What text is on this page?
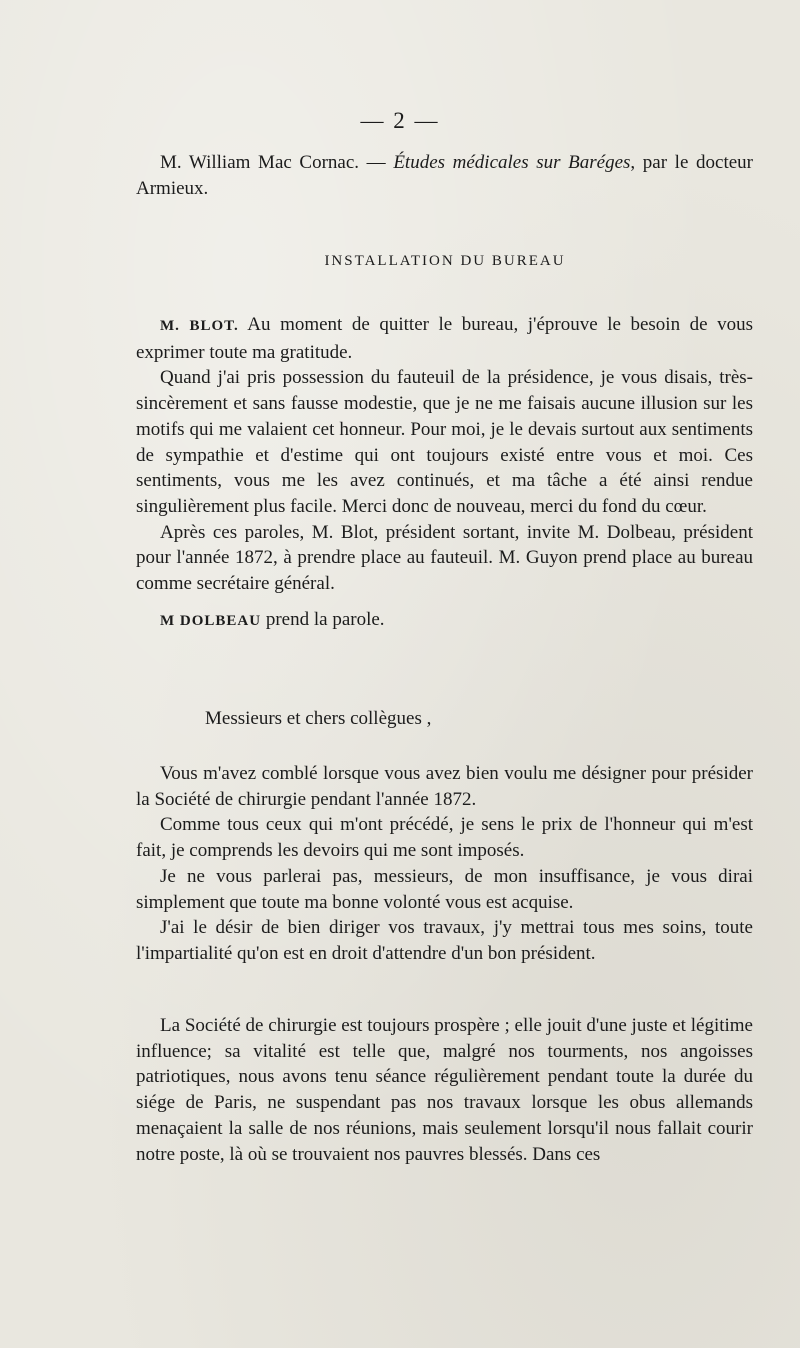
— 2 —

M. William Mac Cornac. — Études médicales sur Baréges, par le docteur Armieux.

INSTALLATION DU BUREAU

M. BLOT. Au moment de quitter le bureau, j'éprouve le besoin de vous exprimer toute ma gratitude.

Quand j'ai pris possession du fauteuil de la présidence, je vous disais, très-sincèrement et sans fausse modestie, que je ne me faisais aucune illusion sur les motifs qui me valaient cet honneur. Pour moi, je le devais surtout aux sentiments de sympathie et d'estime qui ont toujours existé entre vous et moi. Ces sentiments, vous me les avez continués, et ma tâche a été ainsi rendue singulièrement plus facile. Merci donc de nouveau, merci du fond du cœur.

Après ces paroles, M. Blot, président sortant, invite M. Dolbeau, président pour l'année 1872, à prendre place au fauteuil. M. Guyon prend place au bureau comme secrétaire général.

M DOLBEAU prend la parole.

Messieurs et chers collègues ,

Vous m'avez comblé lorsque vous avez bien voulu me désigner pour présider la Société de chirurgie pendant l'année 1872.

Comme tous ceux qui m'ont précédé, je sens le prix de l'honneur qui m'est fait, je comprends les devoirs qui me sont imposés.

Je ne vous parlerai pas, messieurs, de mon insuffisance, je vous dirai simplement que toute ma bonne volonté vous est acquise.

J'ai le désir de bien diriger vos travaux, j'y mettrai tous mes soins, toute l'impartialité qu'on est en droit d'attendre d'un bon président.

La Société de chirurgie est toujours prospère ; elle jouit d'une juste et légitime influence; sa vitalité est telle que, malgré nos tourments, nos angoisses patriotiques, nous avons tenu séance régulièrement pendant toute la durée du siége de Paris, ne suspendant pas nos travaux lorsque les obus allemands menaçaient la salle de nos réunions, mais seulement lorsqu'il nous fallait courir notre poste, là où se trouvaient nos pauvres blessés. Dans ces
